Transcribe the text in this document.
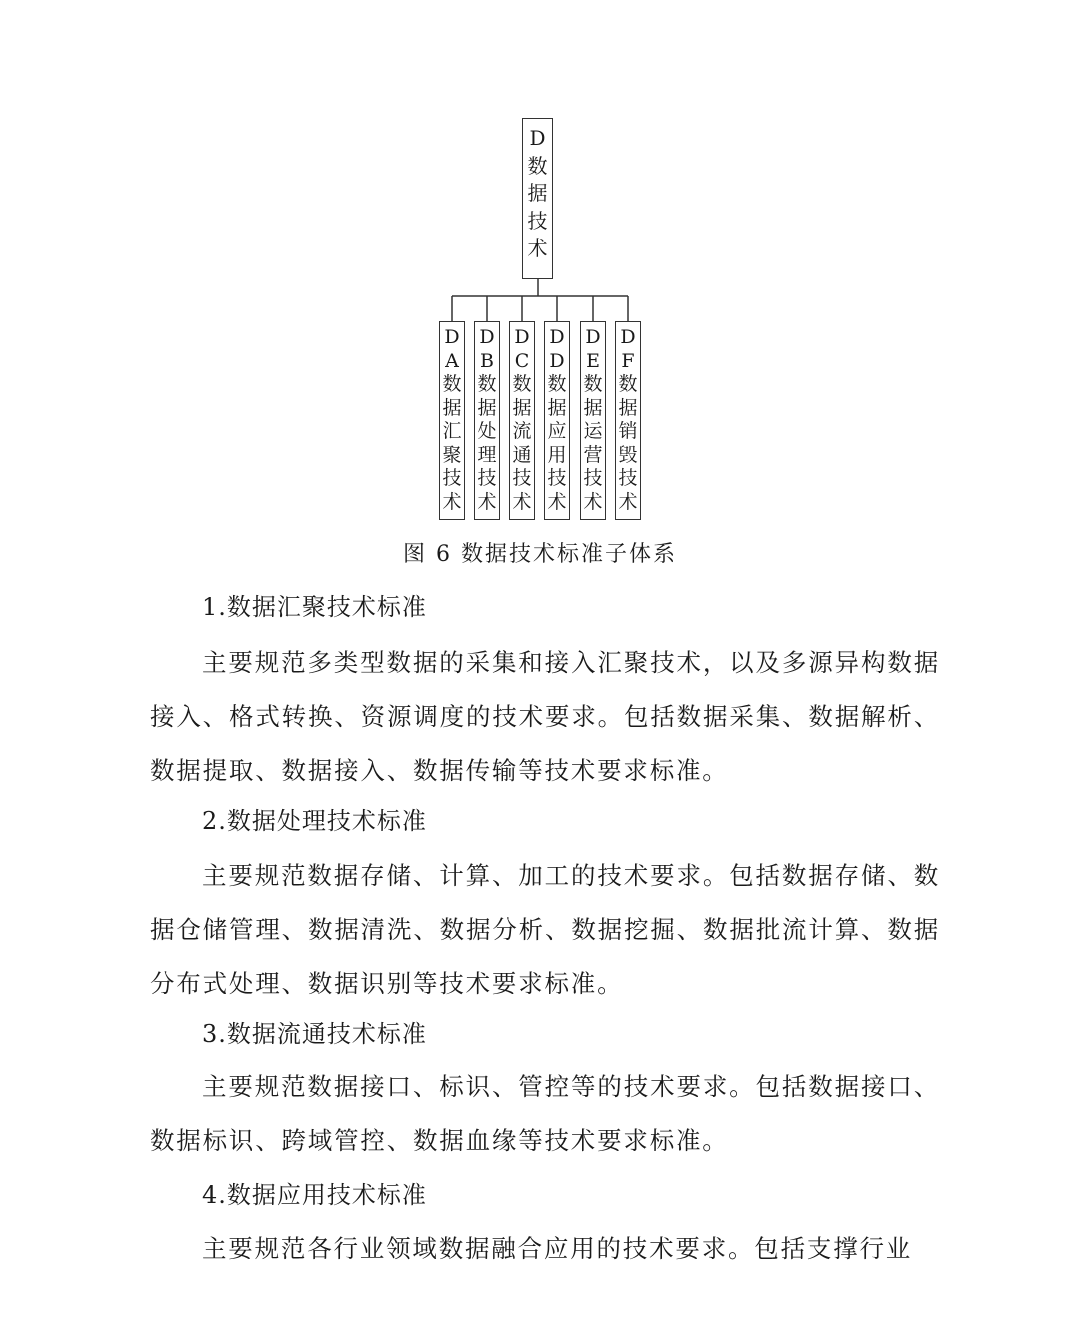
D
数
据
技
术
D
A
数
据
汇
聚
技
术
D
B
数
据
处
理
技
术
D
C
数
据
流
通
技
术
D
D
数
据
应
用
技
术
D
E
数
据
运
营
技
术
D
F
数
据
销
毁
技
术
图 6 数据技术标准子体系
1.数据汇聚技术标准

主要规范多类型数据的采集和接入汇聚技术，以及多源异构数据接入、格式转换、资源调度的技术要求。包括数据采集、数据解析、数据提取、数据接入、数据传输等技术要求标准。

2.数据处理技术标准

主要规范数据存储、计算、加工的技术要求。包括数据存储、数据仓储管理、数据清洗、数据分析、数据挖掘、数据批流计算、数据分布式处理、数据识别等技术要求标准。

3.数据流通技术标准

主要规范数据接口、标识、管控等的技术要求。包括数据接口、数据标识、跨域管控、数据血缘等技术要求标准。

4.数据应用技术标准

主要规范各行业领域数据融合应用的技术要求。包括支撑行业
